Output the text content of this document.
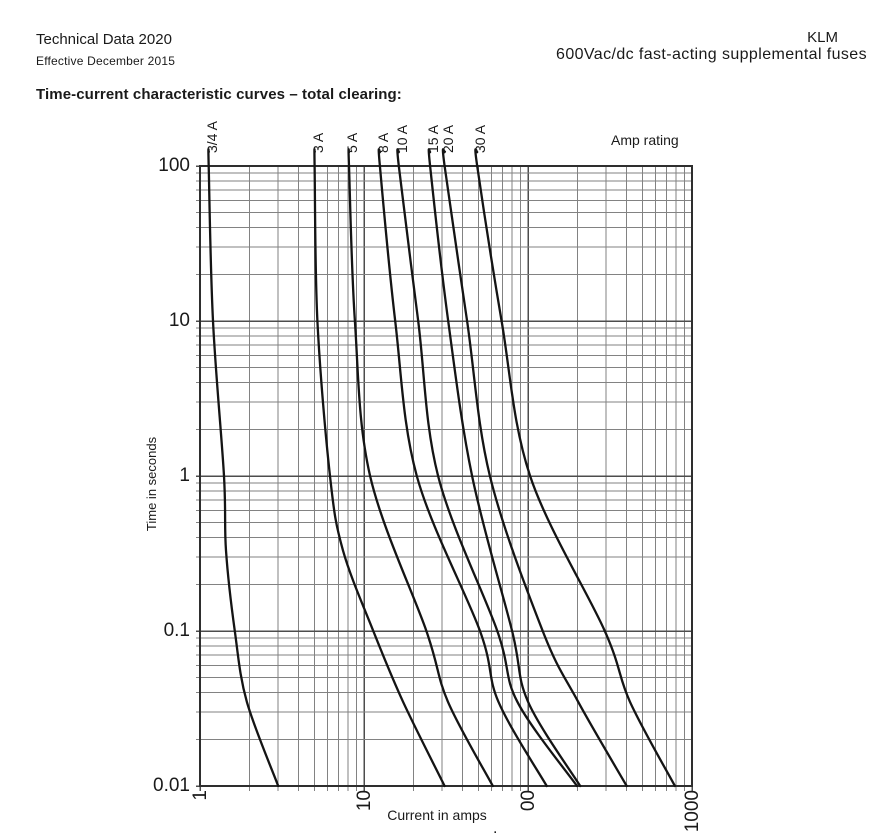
Technical Data 2020
Effective December 2015
KLM
600Vac/dc fast-acting supplemental fuses
Time-current characteristic curves – total clearing:
Time in seconds
Current in amps
Amp rating
.
100
10
1
0.1
0.01 1	10	00	1000
3/4 A	3 A 5 A 8 A 10 A 15 A
20 A 30 A
